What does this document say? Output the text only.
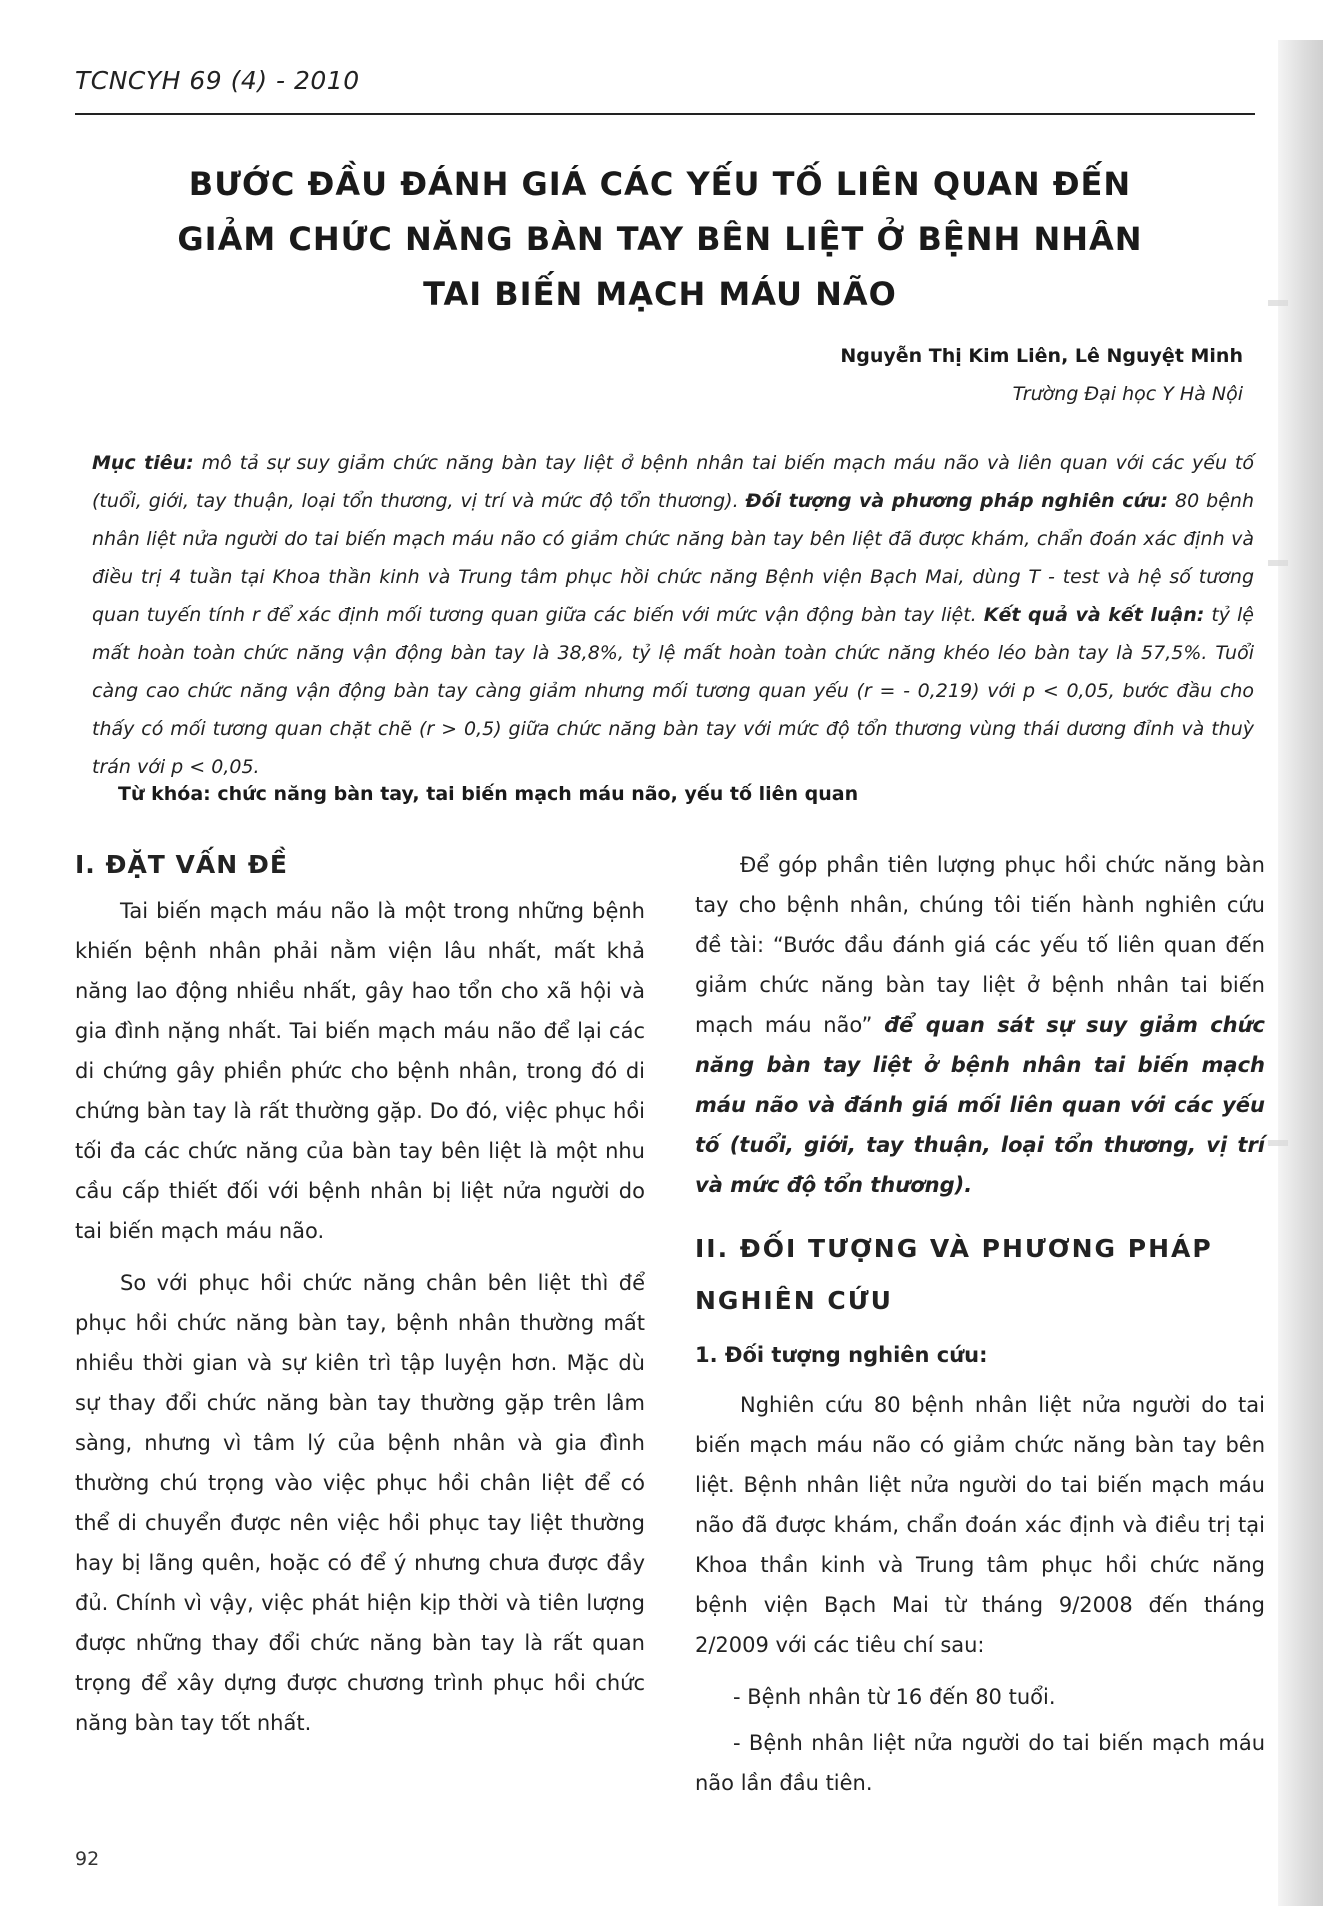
TCNCYH 69 (4) - 2010
BƯỚC ĐẦU ĐÁNH GIÁ CÁC YẾU TỐ LIÊN QUAN ĐẾN
GIẢM CHỨC NĂNG BÀN TAY BÊN LIỆT Ở BỆNH NHÂN
TAI BIẾN MẠCH MÁU NÃO
Nguyễn Thị Kim Liên, Lê Nguyệt Minh
Trường Đại học Y Hà Nội
Mục tiêu: mô tả sự suy giảm chức năng bàn tay liệt ở bệnh nhân tai biến mạch máu não và liên quan với các yếu tố (tuổi, giới, tay thuận, loại tổn thương, vị trí và mức độ tổn thương). Đối tượng và phương pháp nghiên cứu: 80 bệnh nhân liệt nửa người do tai biến mạch máu não có giảm chức năng bàn tay bên liệt đã được khám, chẩn đoán xác định và điều trị 4 tuần tại Khoa thần kinh và Trung tâm phục hồi chức năng Bệnh viện Bạch Mai, dùng T - test và hệ số tương quan tuyến tính r để xác định mối tương quan giữa các biến với mức vận động bàn tay liệt. Kết quả và kết luận: tỷ lệ mất hoàn toàn chức năng vận động bàn tay là 38,8%, tỷ lệ mất hoàn toàn chức năng khéo léo bàn tay là 57,5%. Tuổi càng cao chức năng vận động bàn tay càng giảm nhưng mối tương quan yếu (r = - 0,219) với p < 0,05, bước đầu cho thấy có mối tương quan chặt chẽ (r > 0,5) giữa chức năng bàn tay với mức độ tổn thương vùng thái dương đỉnh và thuỳ trán với p < 0,05.
Từ khóa: chức năng bàn tay, tai biến mạch máu não, yếu tố liên quan
I. ĐẶT VẤN ĐỀ

Tai biến mạch máu não là một trong những bệnh khiến bệnh nhân phải nằm viện lâu nhất, mất khả năng lao động nhiều nhất, gây hao tổn cho xã hội và gia đình nặng nhất. Tai biến mạch máu não để lại các di chứng gây phiền phức cho bệnh nhân, trong đó di chứng bàn tay là rất thường gặp. Do đó, việc phục hồi tối đa các chức năng của bàn tay bên liệt là một nhu cầu cấp thiết đối với bệnh nhân bị liệt nửa người do tai biến mạch máu não.

So với phục hồi chức năng chân bên liệt thì để phục hồi chức năng bàn tay, bệnh nhân thường mất nhiều thời gian và sự kiên trì tập luyện hơn. Mặc dù sự thay đổi chức năng bàn tay thường gặp trên lâm sàng, nhưng vì tâm lý của bệnh nhân và gia đình thường chú trọng vào việc phục hồi chân liệt để có thể di chuyển được nên việc hồi phục tay liệt thường hay bị lãng quên, hoặc có để ý nhưng chưa được đầy đủ. Chính vì vậy, việc phát hiện kịp thời và tiên lượng được những thay đổi chức năng bàn tay là rất quan trọng để xây dựng được chương trình phục hồi chức năng bàn tay tốt nhất.

Để góp phần tiên lượng phục hồi chức năng bàn tay cho bệnh nhân, chúng tôi tiến hành nghiên cứu đề tài: “Bước đầu đánh giá các yếu tố liên quan đến giảm chức năng bàn tay liệt ở bệnh nhân tai biến mạch máu não” để quan sát sự suy giảm chức năng bàn tay liệt ở bệnh nhân tai biến mạch máu não và đánh giá mối liên quan với các yếu tố (tuổi, giới, tay thuận, loại tổn thương, vị trí và mức độ tổn thương).

II. ĐỐI TƯỢNG VÀ PHƯƠNG PHÁP
NGHIÊN CỨU
1. Đối tượng nghiên cứu:

Nghiên cứu 80 bệnh nhân liệt nửa người do tai biến mạch máu não có giảm chức năng bàn tay bên liệt. Bệnh nhân liệt nửa người do tai biến mạch máu não đã được khám, chẩn đoán xác định và điều trị tại Khoa thần kinh và Trung tâm phục hồi chức năng bệnh viện Bạch Mai từ tháng 9/2008 đến tháng 2/2009 với các tiêu chí sau:

- Bệnh nhân từ 16 đến 80 tuổi.

- Bệnh nhân liệt nửa người do tai biến mạch máu não lần đầu tiên.

92
